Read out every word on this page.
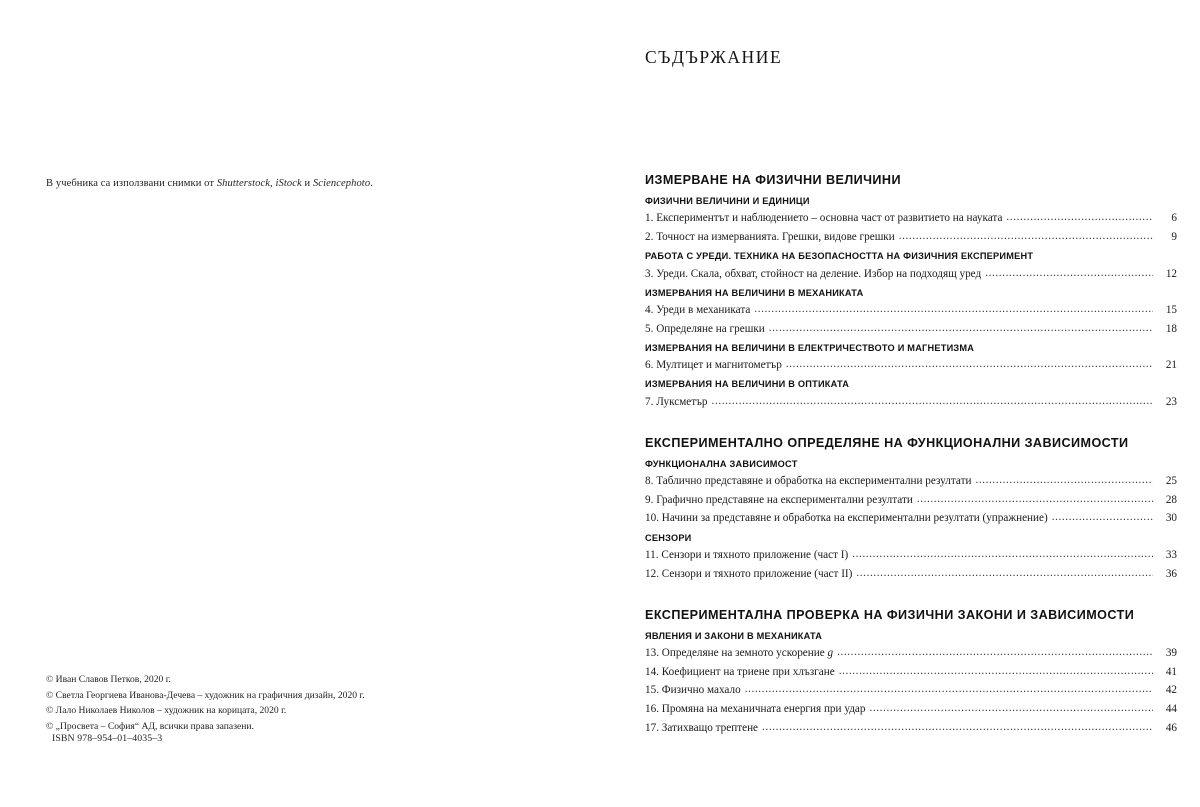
В учебника са използвани снимки от Shutterstock, iStock и Sciencephoto.
© Иван Славов Петков, 2020 г.
© Светла Георгиева Иванова-Дечева – художник на графичния дизайн, 2020 г.
© Лало Николаев Николов – художник на корицата, 2020 г.
© „Просвета – София“ АД, всички права запазени.
ISBN 978–954–01–4035–3
СЪДЪРЖАНИЕ
ИЗМЕРВАНЕ НА ФИЗИЧНИ ВЕЛИЧИНИ
ФИЗИЧНИ ВЕЛИЧИНИ И ЕДИНИЦИ
1. Експериментът и наблюдението – основна част от развитието на науката .....	6
2. Точност на измерванията. Грешки, видове грешки .....	9
РАБОТА С УРЕДИ. ТЕХНИКА НА БЕЗОПАСНОСТТА НА ФИЗИЧНИЯ ЕКСПЕРИМЕНТ
3. Уреди. Скала, обхват, стойност на деление. Избор на подходящ уред .....	12
ИЗМЕРВАНИЯ НА ВЕЛИЧИНИ В МЕХАНИКАТА
4. Уреди в механиката .....	15
5. Определяне на грешки .....	18
ИЗМЕРВАНИЯ НА ВЕЛИЧИНИ В ЕЛЕКТРИЧЕСТВОТО И МАГНЕТИЗМА
6. Мултицет и магнитометър .....	21
ИЗМЕРВАНИЯ НА ВЕЛИЧИНИ В ОПТИКАТА
7. Луксметър .....	23
ЕКСПЕРИМЕНТАЛНО ОПРЕДЕЛЯНЕ НА ФУНКЦИОНАЛНИ ЗАВИСИМОСТИ
ФУНКЦИОНАЛНА ЗАВИСИМОСТ
8. Таблично представяне и обработка на експериментални резултати .....	25
9. Графично представяне на експериментални резултати .....	28
10. Начини за представяне и обработка на експериментални резултати (упражнение) .....	30
СЕНЗОРИ
11. Сензори и тяхното приложение (част I) .....	33
12. Сензори и тяхното приложение (част II) .....	36
ЕКСПЕРИМЕНТАЛНА ПРОВЕРКА НА ФИЗИЧНИ ЗАКОНИ И ЗАВИСИМОСТИ
ЯВЛЕНИЯ И ЗАКОНИ В МЕХАНИКАТА
13. Определяне на земното ускорение g .....	39
14. Коефициент на триене при хлъзгане .....	41
15. Физично махало .....	42
16. Промяна на механичната енергия при удар .....	44
17. Затихващо трептене .....	46
